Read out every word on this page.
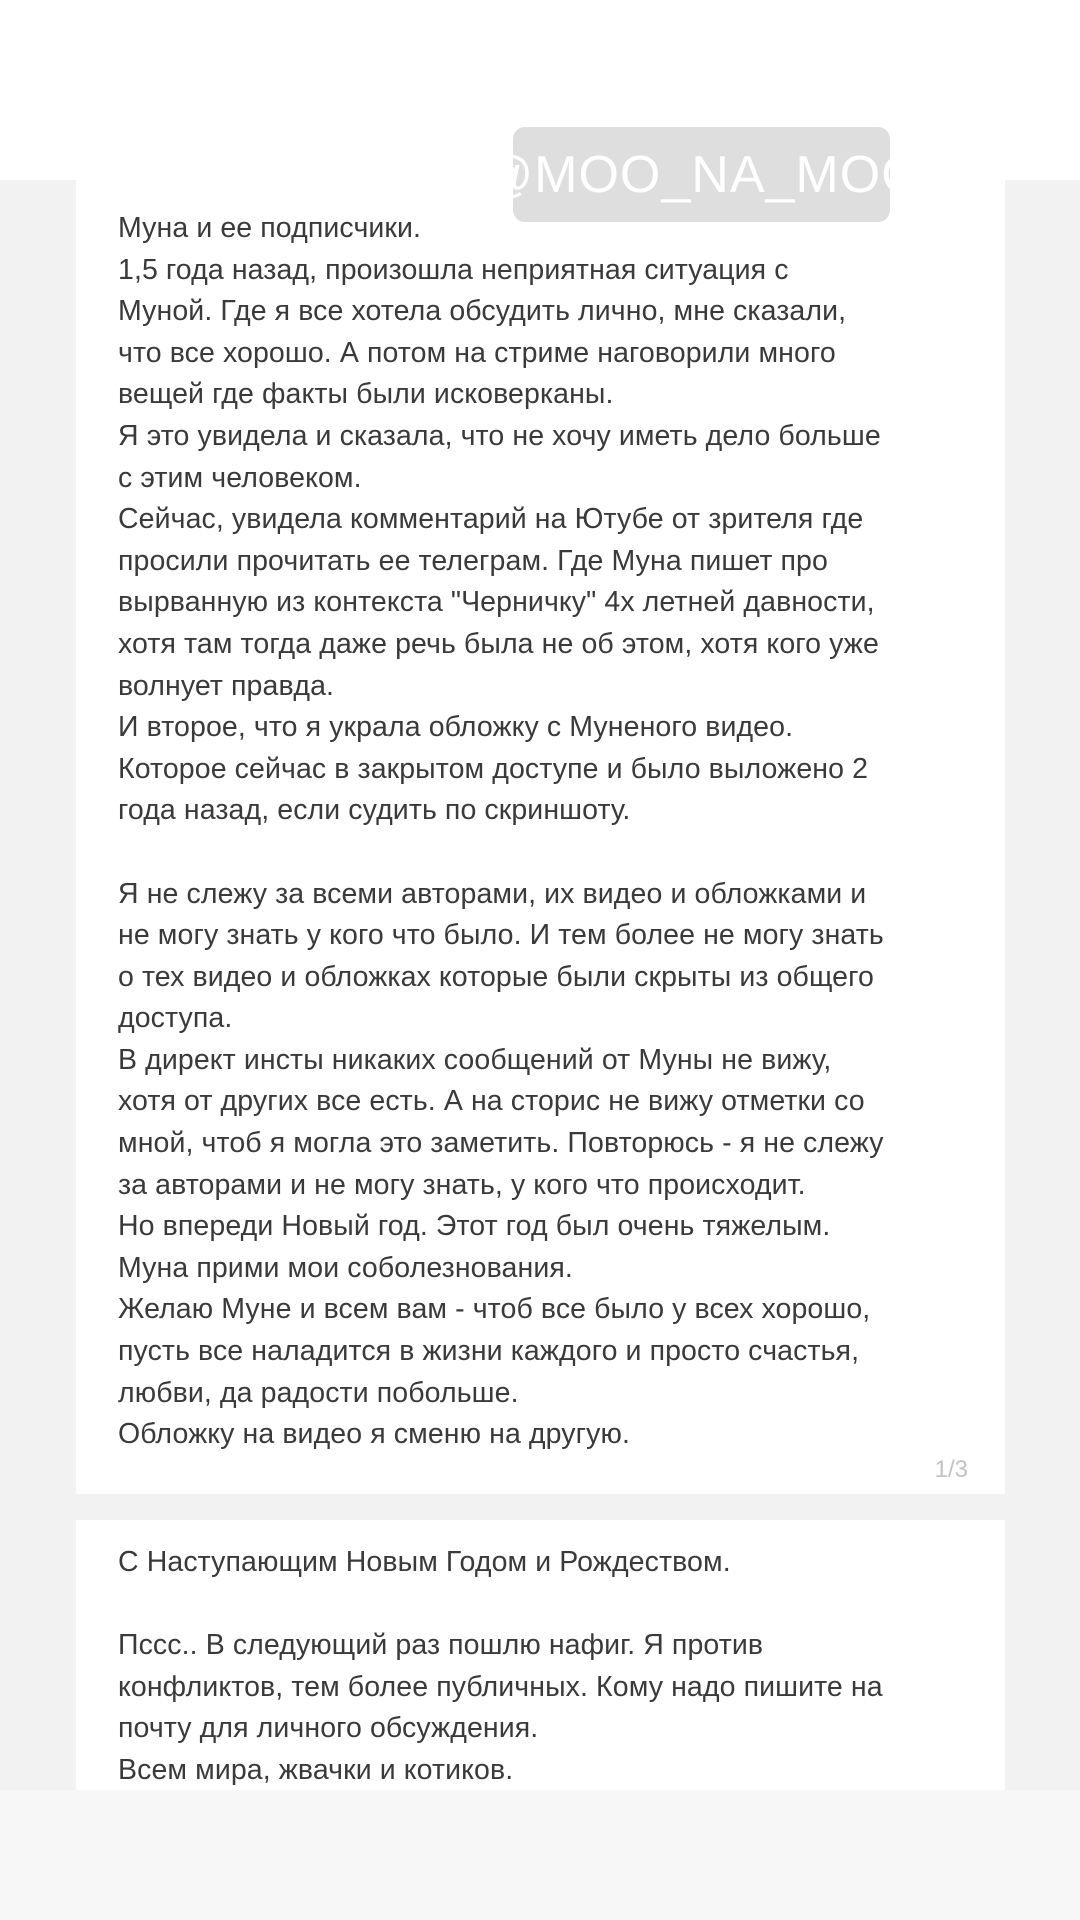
Муна и ее подписчики.
1,5 года назад, произошла неприятная ситуация с
Муной. Где я все хотела обсудить лично, мне сказали,
что все хорошо. А потом на стриме наговорили много
вещей где факты были исковерканы.
Я это увидела и сказала, что не хочу иметь дело больше
с этим человеком.
Сейчас, увидела комментарий на Ютубе от зрителя где
просили прочитать ее телеграм. Где Муна пишет про
вырванную из контекста "Черничку" 4х летней давности,
хотя там тогда даже речь была не об этом, хотя кого уже
волнует правда.
И второе, что я украла обложку с Муненого видео.
Которое сейчас в закрытом доступе и было выложено 2
года назад, если судить по скриншоту.

Я не слежу за всеми авторами, их видео и обложками и
не могу знать у кого что было. И тем более не могу знать
о тех видео и обложках которые были скрыты из общего
доступа.
В директ инсты никаких сообщений от Муны не вижу,
хотя от других все есть. А на сторис не вижу отметки со
мной, чтоб я могла это заметить. Повторюсь - я не слежу
за авторами и не могу знать, у кого что происходит.
Но впереди Новый год. Этот год был очень тяжелым.
Муна прими мои соболезнования.
Желаю Муне и всем вам - чтоб все было у всех хорошо,
пусть все наладится в жизни каждого и просто счастья,
любви, да радости побольше.
Обложку на видео я сменю на другую.

1/3

С Наступающим Новым Годом и Рождеством.

Пссс.. В следующий раз пошлю нафиг. Я против
конфликтов, тем более публичных. Кому надо пишите на
почту для личного обсуждения.
Всем мира, жвачки и котиков.

@MOO_NA_MOO
